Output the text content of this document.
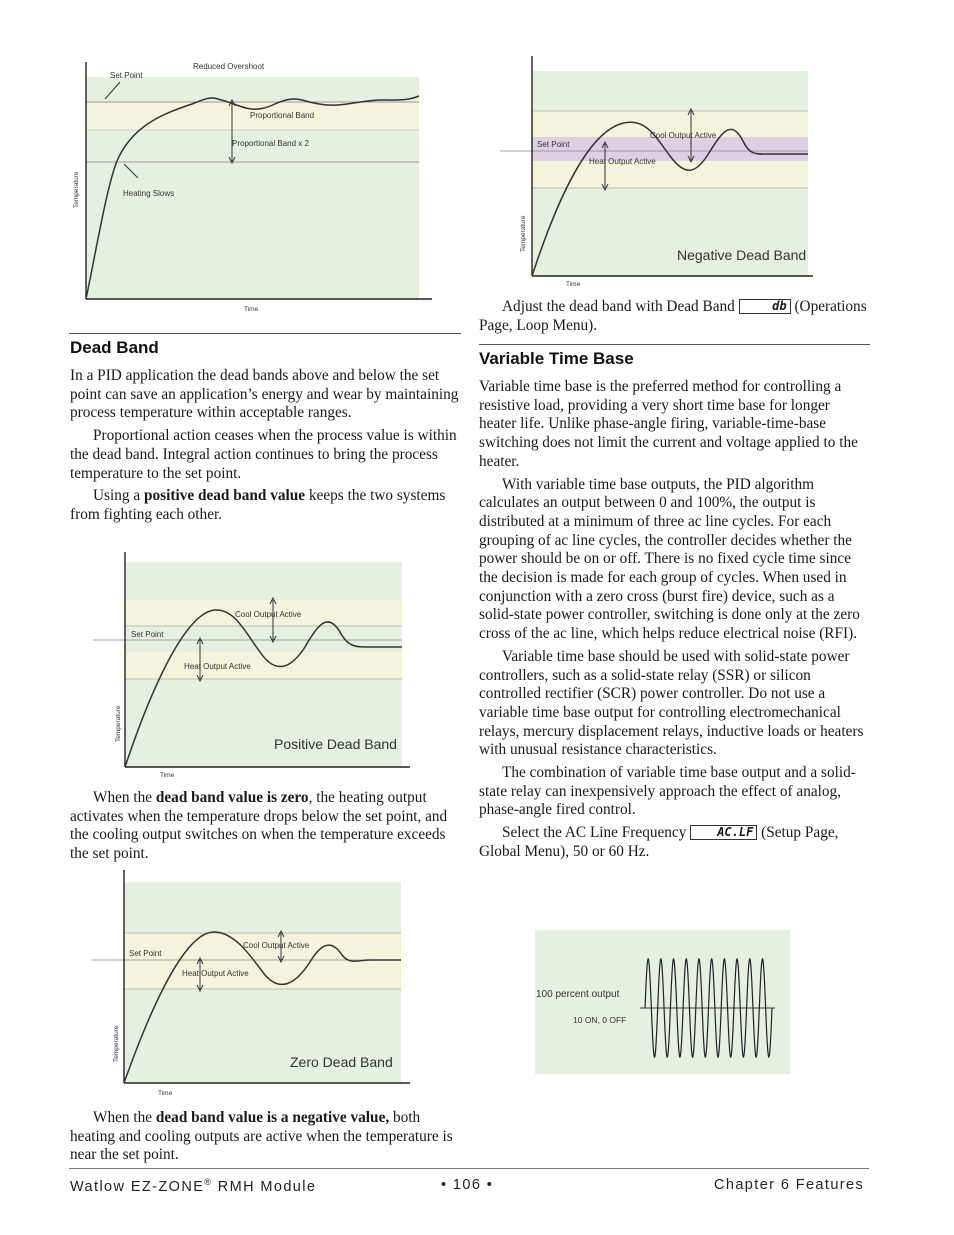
Set Point
Reduced Overshoot
Proportional Band
Proportional Band x 2
Heating Slows
Temperature
Time
Set Point
Cool Output Active
Heat Output Active
Negative Dead Band
Temperature
Time

Adjust the dead band with Dead Band	db (Operations Page, Loop Menu).

Dead Band

In a PID application the dead bands above and below the set point can save an application’s energy and wear by maintaining process temperature within acceptable ranges.

Proportional action ceases when the process value is within the dead band. Integral action continues to bring the process temperature to the set point.

Using a positive dead band value keeps the two systems from fighting each other.

Set Point
Cool Output Active
Heat Output Active
Positive Dead Band
Temperature
Time

When the dead band value is zero, the heating output activates when the temperature drops below the set point, and the cooling output switches on when the temperature exceeds the set point.

Set Point
Cool Output Active
Heat Output Active
Zero Dead Band
Temperature
Time

When the dead band value is a negative value, both heating and cooling outputs are active when the temperature is near the set point.

Variable Time Base

Variable time base is the preferred method for controlling a resistive load, providing a very short time base for longer heater life. Unlike phase-angle firing, variable-time-base switching does not limit the current and voltage applied to the heater.

With variable time base outputs, the PID algorithm calculates an output between 0 and 100%, the output is distributed at a minimum of three ac line cycles. For each grouping of ac line cycles, the controller decides whether the power should be on or off. There is no fixed cycle time since the decision is made for each group of cycles. When used in conjunction with a zero cross (burst fire) device, such as a solid-state power controller, switching is done only at the zero cross of the ac line, which helps reduce electrical noise (RFI).

Variable time base should be used with solid-state power controllers, such as a solid-state relay (SSR) or silicon controlled rectifier (SCR) power controller. Do not use a variable time base output for controlling electromechanical relays, mercury displacement relays, inductive loads or heaters with unusual resistance characteristics.

The combination of variable time base output and a solid-state relay can inexpensively approach the effect of analog, phase-angle fired control.

Select the AC Line Frequency AC.LF (Setup Page, Global Menu), 50 or 60 Hz.

100 percent output
10 ON, 0 OFF
Watlow EZ-ZONE® RMH Module	• 106 •	Chapter 6 Features
